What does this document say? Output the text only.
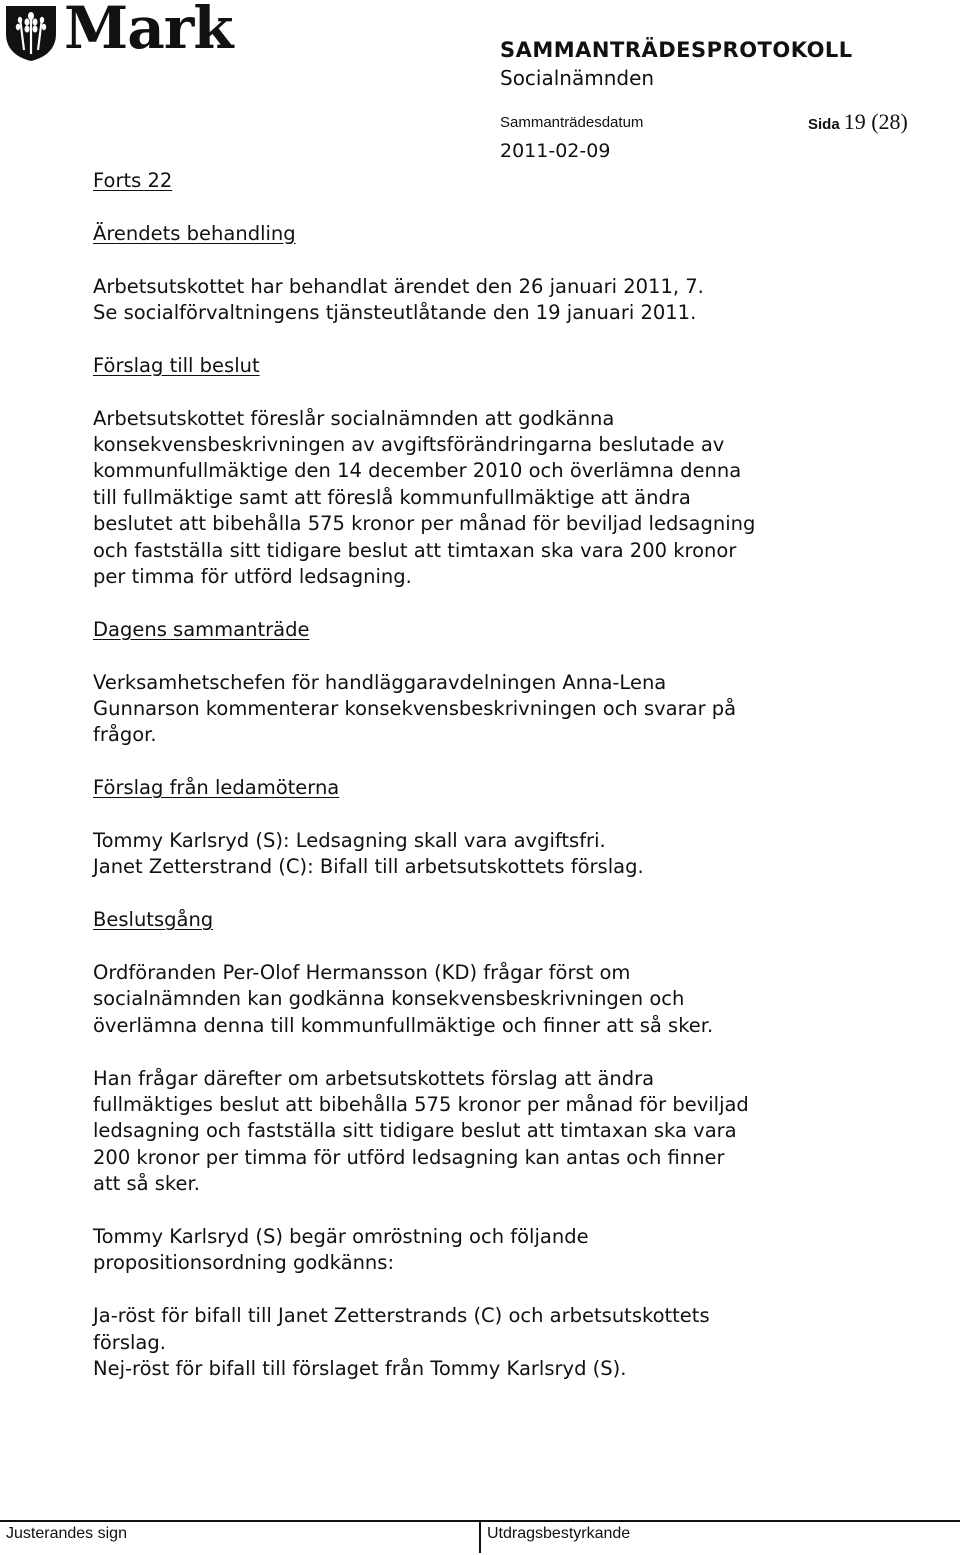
Mark	SAMMANTRÄDESPROTOKOLL
Socialnämnden
Sammanträdesdatum	Sida 19 (28)
2011-02-09

Forts 22

Ärendets behandling

Arbetsutskottet har behandlat ärendet den 26 januari 2011, 7.

Se socialförvaltningens tjänsteutlåtande den 19 januari 2011.

Förslag till beslut

Arbetsutskottet föreslår socialnämnden att godkänna

konsekvensbeskrivningen av avgiftsförändringarna beslutade av

kommunfullmäktige den 14 december 2010 och överlämna denna

till fullmäktige samt att föreslå kommunfullmäktige att ändra

beslutet att bibehålla 575 kronor per månad för beviljad ledsagning

och fastställa sitt tidigare beslut att timtaxan ska vara 200 kronor

per timma för utförd ledsagning.

Dagens sammanträde

Verksamhetschefen för handläggaravdelningen Anna-Lena

Gunnarson kommenterar konsekvensbeskrivningen och svarar på

frågor.

Förslag från ledamöterna

Tommy Karlsryd (S): Ledsagning skall vara avgiftsfri.

Janet Zetterstrand (C): Bifall till arbetsutskottets förslag.

Beslutsgång

Ordföranden Per-Olof Hermansson (KD) frågar först om

socialnämnden kan godkänna konsekvensbeskrivningen och

överlämna denna till kommunfullmäktige och finner att så sker.

Han frågar därefter om arbetsutskottets förslag att ändra

fullmäktiges beslut att bibehålla 575 kronor per månad för beviljad

ledsagning och fastställa sitt tidigare beslut att timtaxan ska vara

200 kronor per timma för utförd ledsagning kan antas och finner

att så sker.

Tommy Karlsryd (S) begär omröstning och följande

propositionsordning godkänns:

Ja-röst för bifall till Janet Zetterstrands (C) och arbetsutskottets

förslag.

Nej-röst för bifall till förslaget från Tommy Karlsryd (S).

Justerandes sign	Utdragsbestyrkande
